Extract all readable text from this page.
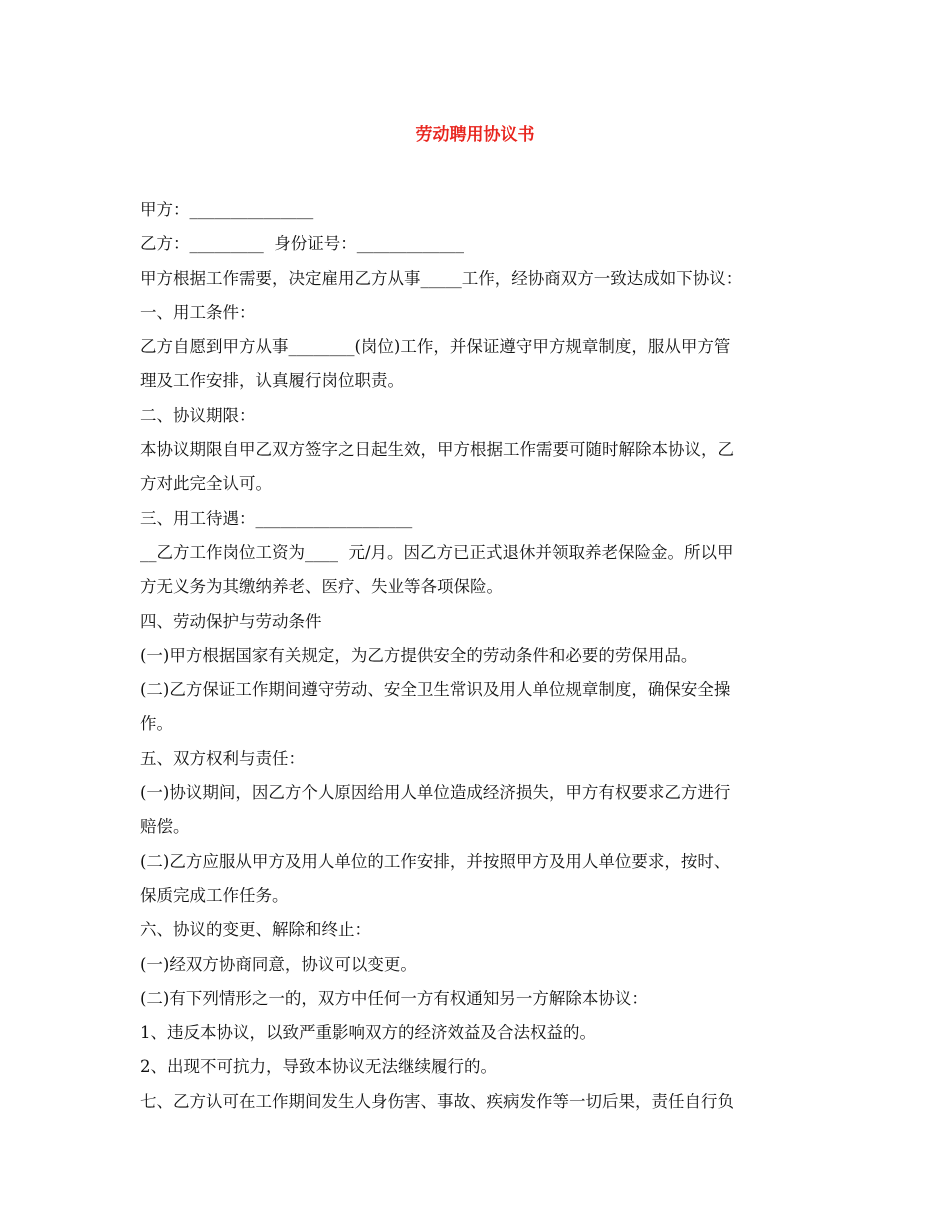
劳动聘用协议书
甲方：_______________
乙方：_________  身份证号：_____________
甲方根据工作需要，决定雇用乙方从事_____工作，经协商双方一致达成如下协议：
一、用工条件：
乙方自愿到甲方从事________(岗位)工作，并保证遵守甲方规章制度，服从甲方管
理及工作安排，认真履行岗位职责。
二、协议期限：
本协议期限自甲乙双方签字之日起生效，甲方根据工作需要可随时解除本协议，乙
方对此完全认可。
三、用工待遇：___________________
__乙方工作岗位工资为____  元/月。因乙方已正式退休并领取养老保险金。所以甲
方无义务为其缴纳养老、医疗、失业等各项保险。
四、劳动保护与劳动条件
(一)甲方根据国家有关规定，为乙方提供安全的劳动条件和必要的劳保用品。
(二)乙方保证工作期间遵守劳动、安全卫生常识及用人单位规章制度，确保安全操
作。
五、双方权利与责任：
(一)协议期间，因乙方个人原因给用人单位造成经济损失，甲方有权要求乙方进行
赔偿。
(二)乙方应服从甲方及用人单位的工作安排，并按照甲方及用人单位要求，按时、
保质完成工作任务。
六、协议的变更、解除和终止：
(一)经双方协商同意，协议可以变更。
(二)有下列情形之一的，双方中任何一方有权通知另一方解除本协议：
1、违反本协议，以致严重影响双方的经济效益及合法权益的。
2、出现不可抗力，导致本协议无法继续履行的。
七、乙方认可在工作期间发生人身伤害、事故、疾病发作等一切后果，责任自行负
